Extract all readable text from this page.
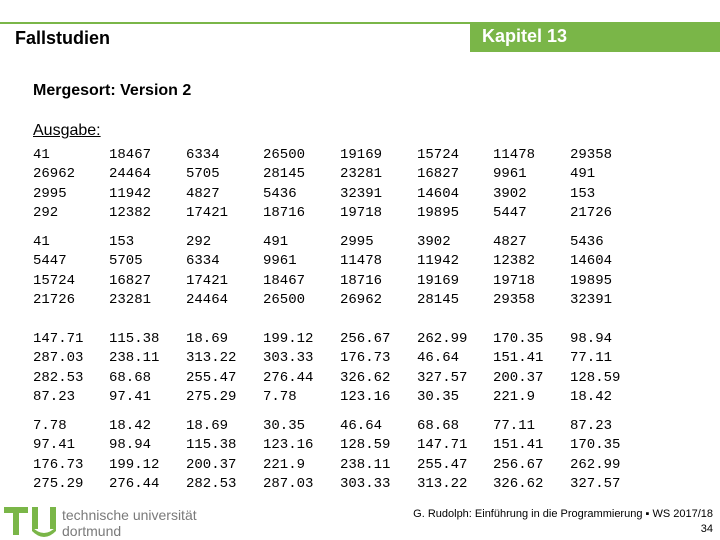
Fallstudien	Kapitel 13
Mergesort: Version 2
Ausgabe:
41
26962
2995
292
18467
24464
11942
12382
6334
5705
4827
17421
26500
28145
5436
18716
19169
23281
32391
19718
15724
16827
14604
19895
11478
9961
3902
5447
29358
491
153
21726
41
5447
15724
21726
153
5705
16827
23281
292
6334
17421
24464
491
9961
18467
26500
2995
11478
18716
26962
3902
11942
19169
28145
4827
12382
19718
29358
5436
14604
19895
32391
147.71
287.03
282.53
87.23
115.38
238.11
68.68
97.41
18.69
313.22
255.47
275.29
199.12
303.33
276.44
7.78
256.67
176.73
326.62
123.16
262.99
46.64
327.57
30.35
170.35
151.41
200.37
221.9
98.94
77.11
128.59
18.42
7.78
97.41
176.73
275.29
18.42
98.94
199.12
276.44
18.69
115.38
200.37
282.53
30.35
123.16
221.9
287.03
46.64
128.59
238.11
303.33
68.68
147.71
255.47
313.22
77.11
151.41
256.67
326.62
87.23
170.35
262.99
327.57
technische universität
dortmund
G. Rudolph: Einführung in die Programmierung ▪ WS 2017/18
34
